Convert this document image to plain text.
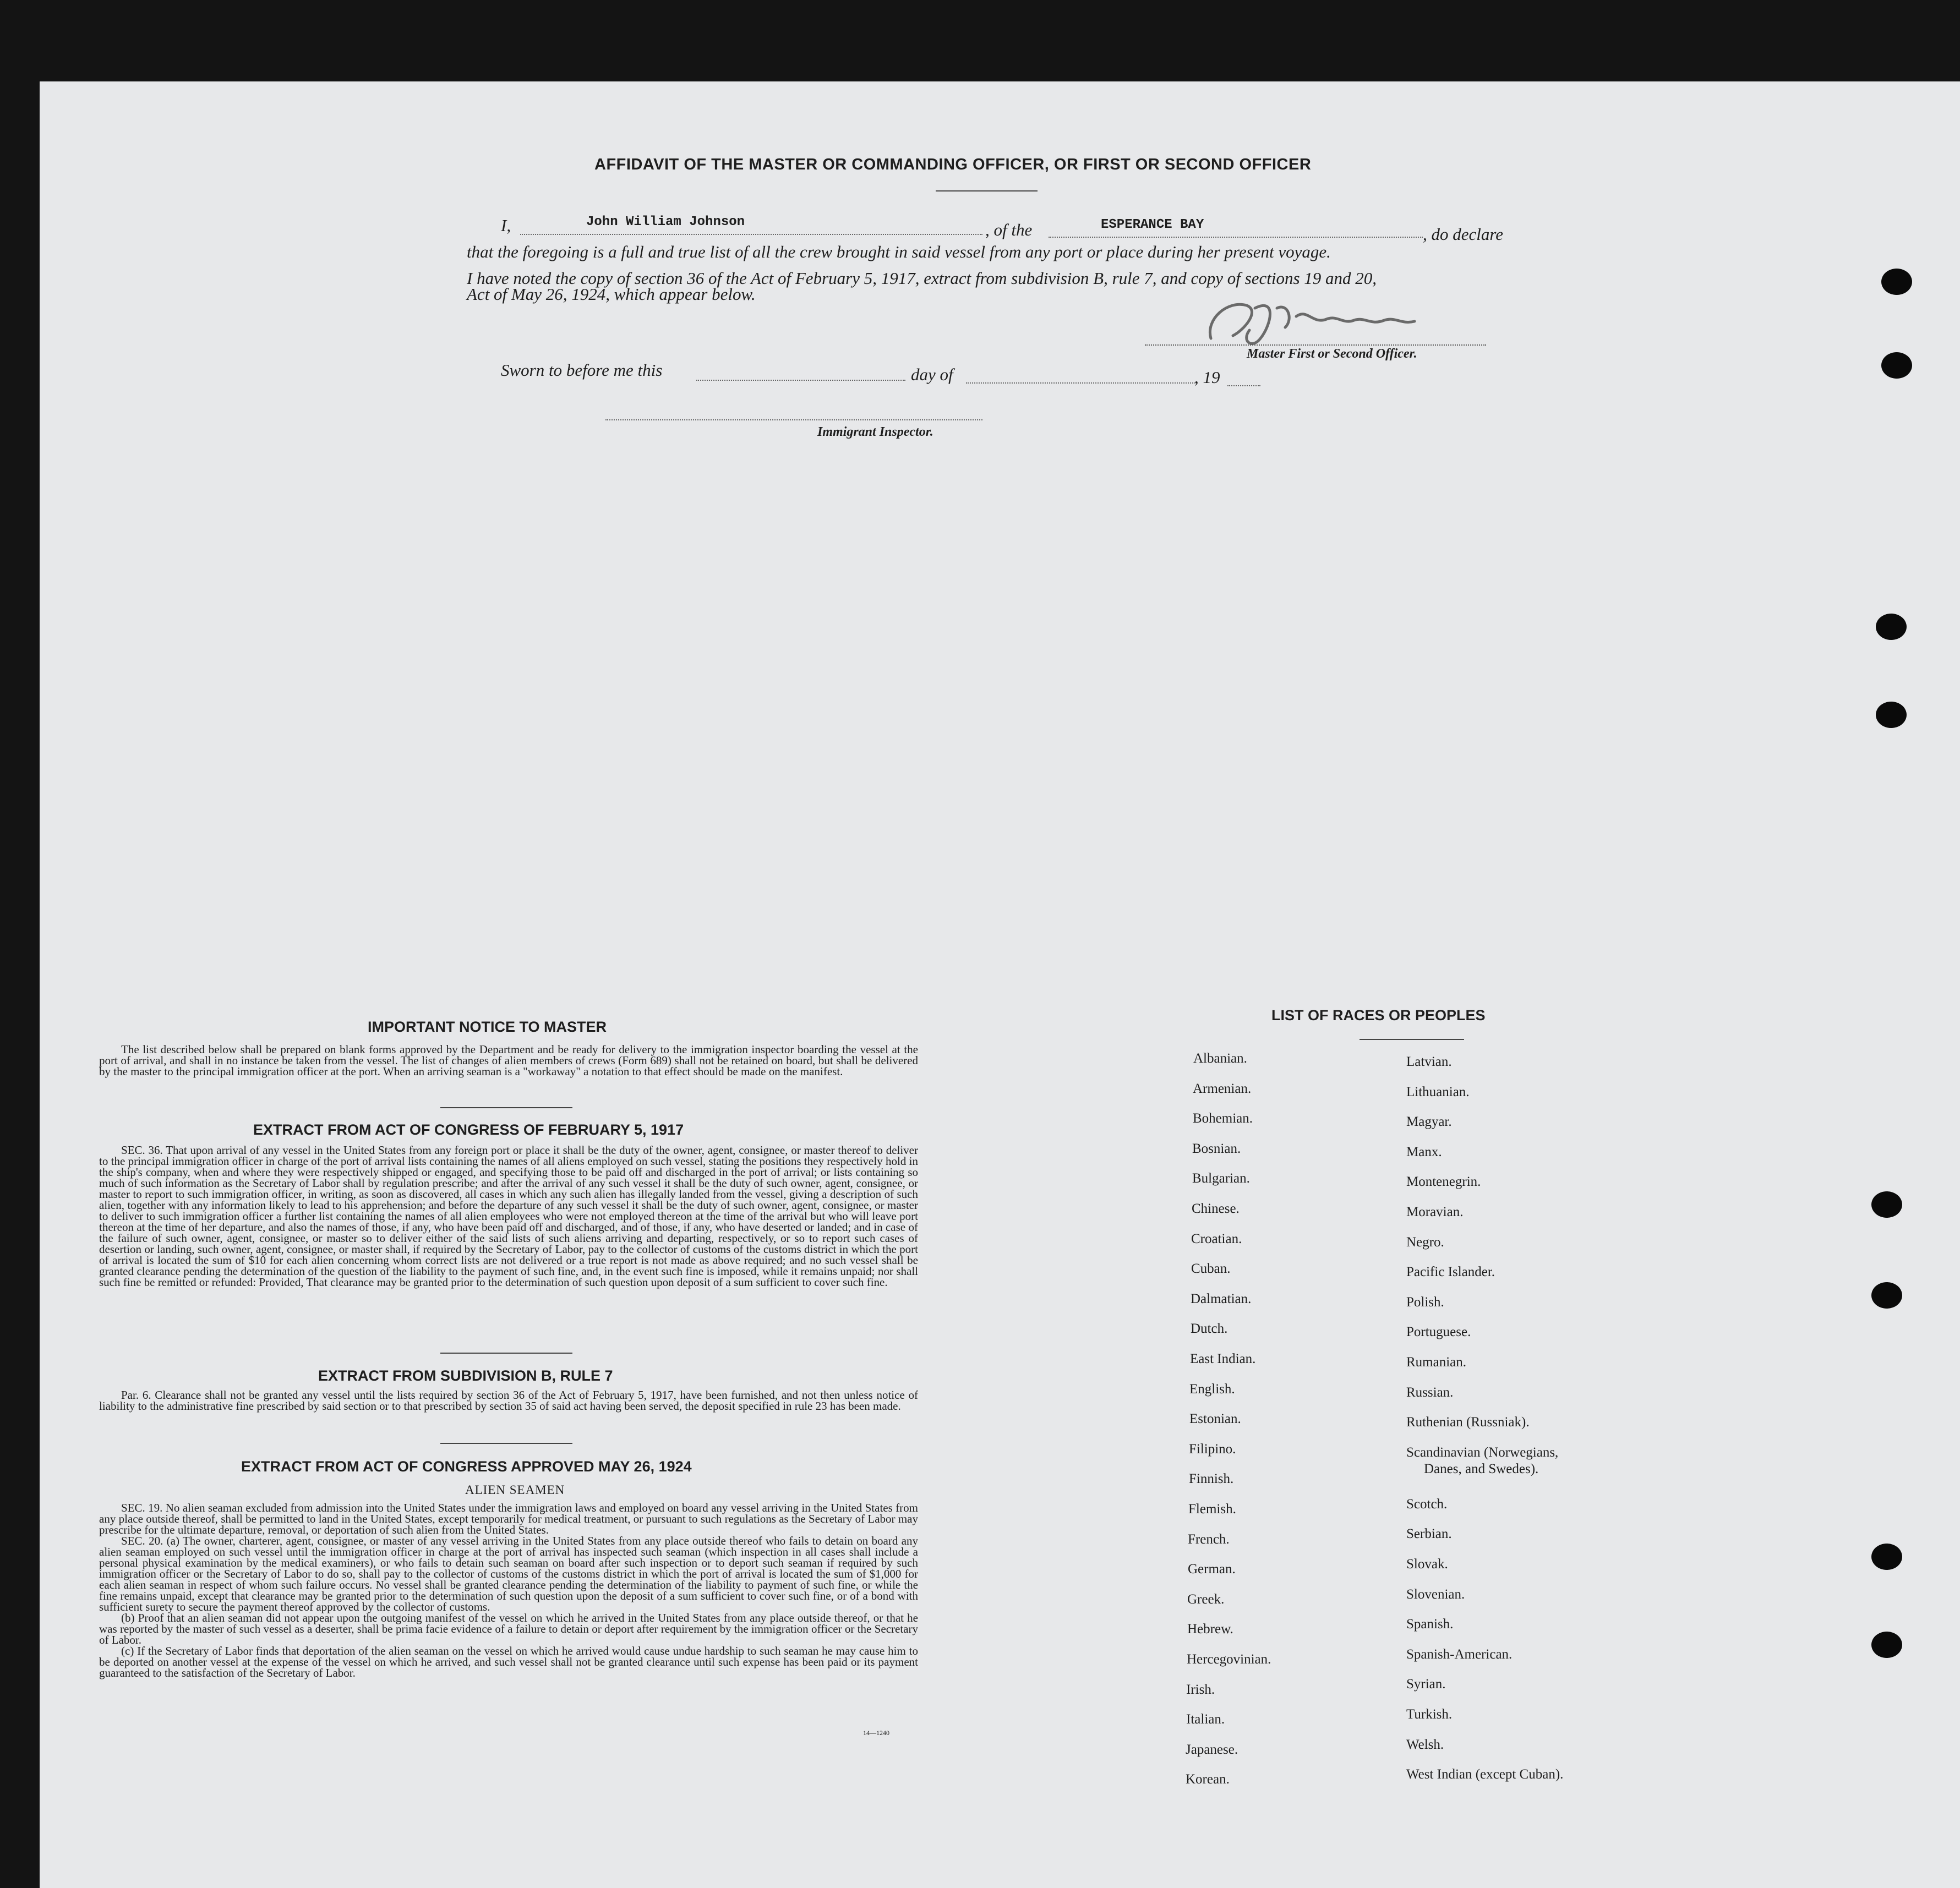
AFFIDAVIT OF THE MASTER OR COMMANDING OFFICER, OR FIRST OR SECOND OFFICER
I,	John William Johnson	, of the	ESPERANCE BAY	, do declare
that the foregoing is a full and true list of all the crew brought in said vessel from any port or place during her present voyage.
I have noted the copy of section 36 of the Act of February 5, 1917, extract from subdivision B, rule 7, and copy of sections 19 and 20,
Act of May 26, 1924, which appear below.
Master First or Second Officer.
Sworn to before me this	day of	, 19
Immigrant Inspector.
IMPORTANT NOTICE TO MASTER
The list described below shall be prepared on blank forms approved by the Department and be ready for delivery to the immigration inspector boarding the vessel at the port of arrival, and shall in no instance be taken from the vessel. The list of changes of alien members of crews (Form 689) shall not be retained on board, but shall be delivered by the master to the principal immigration officer at the port. When an arriving seaman is a "workaway" a notation to that effect should be made on the manifest.
EXTRACT FROM ACT OF CONGRESS OF FEBRUARY 5, 1917
SEC. 36. That upon arrival of any vessel in the United States from any foreign port or place it shall be the duty of the owner, agent, consignee, or master thereof to deliver to the principal immigration officer in charge of the port of arrival lists containing the names of all aliens employed on such vessel, stating the positions they respectively hold in the ship's company, when and where they were respectively shipped or engaged, and specifying those to be paid off and discharged in the port of arrival; or lists containing so much of such information as the Secretary of Labor shall by regulation prescribe; and after the arrival of any such vessel it shall be the duty of such owner, agent, consignee, or master to report to such immigration officer, in writing, as soon as discovered, all cases in which any such alien has illegally landed from the vessel, giving a description of such alien, together with any information likely to lead to his apprehension; and before the departure of any such vessel it shall be the duty of such owner, agent, consignee, or master to deliver to such immigration officer a further list containing the names of all alien employees who were not employed thereon at the time of the arrival but who will leave port thereon at the time of her departure, and also the names of those, if any, who have been paid off and discharged, and of those, if any, who have deserted or landed; and in case of the failure of such owner, agent, consignee, or master so to deliver either of the said lists of such aliens arriving and departing, respectively, or so to report such cases of desertion or landing, such owner, agent, consignee, or master shall, if required by the Secretary of Labor, pay to the collector of customs of the customs district in which the port of arrival is located the sum of $10 for each alien concerning whom correct lists are not delivered or a true report is not made as above required; and no such vessel shall be granted clearance pending the determination of the question of the liability to the payment of such fine, and, in the event such fine is imposed, while it remains unpaid; nor shall such fine be remitted or refunded: Provided, That clearance may be granted prior to the determination of such question upon deposit of a sum sufficient to cover such fine.
EXTRACT FROM SUBDIVISION B, RULE 7
Par. 6. Clearance shall not be granted any vessel until the lists required by section 36 of the Act of February 5, 1917, have been furnished, and not then unless notice of liability to the administrative fine prescribed by said section or to that prescribed by section 35 of said act having been served, the deposit specified in rule 23 has been made.
EXTRACT FROM ACT OF CONGRESS APPROVED MAY 26, 1924
ALIEN SEAMEN
SEC. 19. No alien seaman excluded from admission into the United States under the immigration laws and employed on board any vessel arriving in the United States from any place outside thereof, shall be permitted to land in the United States, except temporarily for medical treatment, or pursuant to such regulations as the Secretary of Labor may prescribe for the ultimate departure, removal, or deportation of such alien from the United States.
SEC. 20. (a) The owner, charterer, agent, consignee, or master of any vessel arriving in the United States from any place outside thereof who fails to detain on board any alien seaman employed on such vessel until the immigration officer in charge at the port of arrival has inspected such seaman (which inspection in all cases shall include a personal physical examination by the medical examiners), or who fails to detain such seaman on board after such inspection or to deport such seaman if required by such immigration officer or the Secretary of Labor to do so, shall pay to the collector of customs of the customs district in which the port of arrival is located the sum of $1,000 for each alien seaman in respect of whom such failure occurs. No vessel shall be granted clearance pending the determination of the liability to payment of such fine, or while the fine remains unpaid, except that clearance may be granted prior to the determination of such question upon the deposit of a sum sufficient to cover such fine, or of a bond with sufficient surety to secure the payment thereof approved by the collector of customs.
(b) Proof that an alien seaman did not appear upon the outgoing manifest of the vessel on which he arrived in the United States from any place outside thereof, or that he was reported by the master of such vessel as a deserter, shall be prima facie evidence of a failure to detain or deport after requirement by the immigration officer or the Secretary of Labor.
(c) If the Secretary of Labor finds that deportation of the alien seaman on the vessel on which he arrived would cause undue hardship to such seaman he may cause him to be deported on another vessel at the expense of the vessel on which he arrived, and such vessel shall not be granted clearance until such expense has been paid or its payment guaranteed to the satisfaction of the Secretary of Labor.
14—1240
LIST OF RACES OR PEOPLES
Albanian.
Armenian.
Bohemian.
Bosnian.
Bulgarian.
Chinese.
Croatian.
Cuban.
Dalmatian.
Dutch.
East Indian.
English.
Estonian.
Filipino.
Finnish.
Flemish.
French.
German.
Greek.
Hebrew.
Hercegovinian.
Irish.
Italian.
Japanese.
Korean.
Latvian.
Lithuanian.
Magyar.
Manx.
Montenegrin.
Moravian.
Negro.
Pacific Islander.
Polish.
Portuguese.
Rumanian.
Russian.
Ruthenian (Russniak).
Scandinavian (Norwegians,
Danes, and Swedes).
Scotch.
Serbian.
Slovak.
Slovenian.
Spanish.
Spanish-American.
Syrian.
Turkish.
Welsh.
West Indian (except Cuban).
